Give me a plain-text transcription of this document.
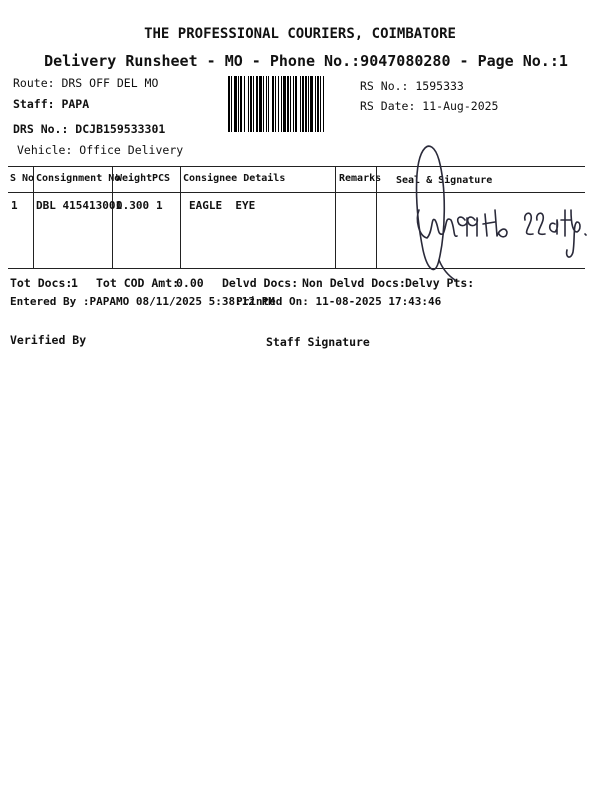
THE PROFESSIONAL COURIERS, COIMBATORE
Delivery Runsheet - MO - Phone No.:9047080280 - Page No.:1
Route: DRS OFF DEL MO
Staff: PAPA
DRS No.: DCJB159533301
Vehicle: Office Delivery
RS No.: 1595333
RS Date: 11-Aug-2025
S No Consignment No
Weight PCS Consignee Details	Remarks Seal & Signature
1 DBL 415413001
0.300 1 EAGLE  EYE
Tot Docs:
1 Tot COD Amt:
0.00 Delvd Docs: Non Delvd Docs: Delvy Pts:
Entered By :PAPAMO 08/11/2025 5:38:12 PM
Printed On: 11-08-2025 17:43:46
Verified By	Staff Signature
